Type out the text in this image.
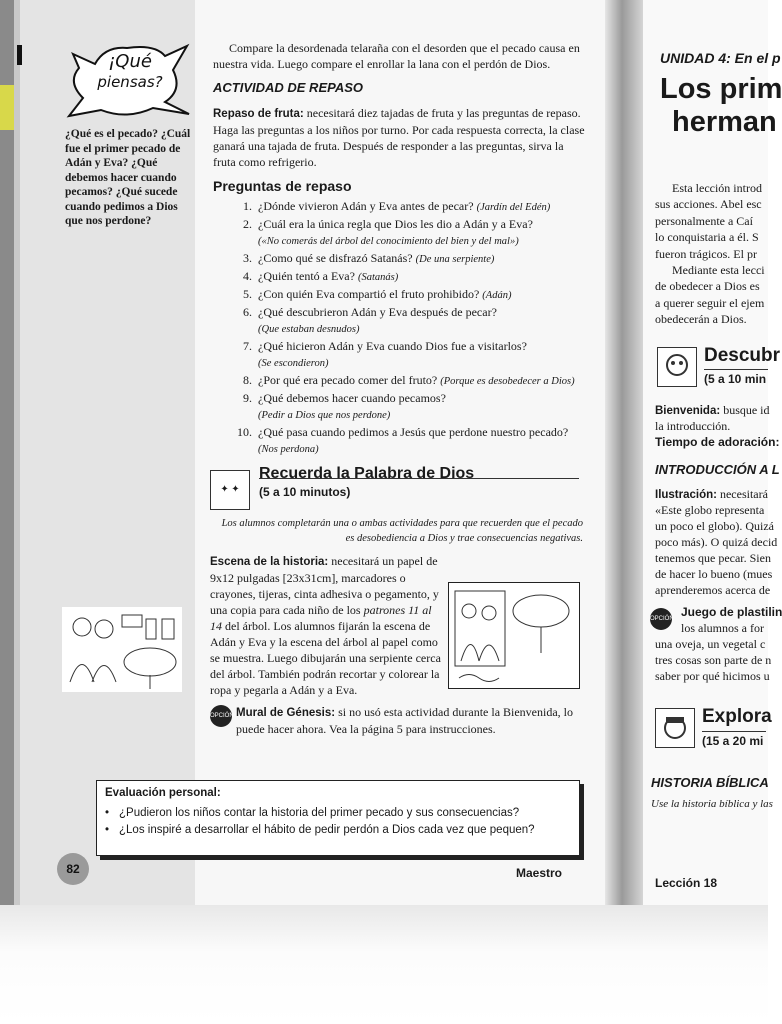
¡Qué
piensas?
¿Qué es el pecado? ¿Cuál fue el primer pecado de Adán y Eva? ¿Qué debemos hacer cuando pecamos? ¿Qué sucede cuando pedimos a Dios que nos perdone?
Compare la desordenada telaraña con el desorden que el pecado causa en nuestra vida. Luego compare el enrollar la lana con el perdón de Dios.
ACTIVIDAD DE REPASO
Repaso de fruta: necesitará diez tajadas de fruta y las preguntas de repaso. Haga las preguntas a los niños por turno. Por cada respuesta correcta, la clase ganará una tajada de fruta. Después de responder a las preguntas, sirva la fruta como refrigerio.
Preguntas de repaso
1. ¿Dónde vivieron Adán y Eva antes de pecar? (Jardín del Edén)
2. ¿Cuál era la única regla que Dios les dio a Adán y a Eva?
(«No comerás del árbol del conocimiento del bien y del mal»)
3. ¿Como qué se disfrazó Satanás? (De una serpiente)
4. ¿Quién tentó a Eva? (Satanás)
5. ¿Con quién Eva compartió el fruto prohibido? (Adán)
6. ¿Qué descubrieron Adán y Eva después de pecar?
(Que estaban desnudos)
7. ¿Qué hicieron Adán y Eva cuando Dios fue a visitarlos?
(Se escondieron)
8. ¿Por qué era pecado comer del fruto? (Porque es desobedecer a Dios)
9. ¿Qué debemos hacer cuando pecamos?
(Pedir a Dios que nos perdone)
10. ¿Qué pasa cuando pedimos a Jesús que perdone nuestro pecado? (Nos perdona)
✦ ✦
Recuerda la Palabra de Dios
(5 a 10 minutos)
Los alumnos completarán una o ambas actividades para que recuerden que el pecado es desobediencia a Dios y trae consecuencias negativas.
Escena de la historia: necesitará un papel de 9x12 pulgadas [23x31cm], marcadores o crayones, tijeras, cinta adhesiva o pegamento, y una copia para cada niño de los patrones 11 al 14 del árbol. Los alumnos fijarán la escena de Adán y Eva y la escena del árbol al papel como se muestra. Luego dibujarán una serpiente cerca del árbol. También podrán recortar y colorear la ropa y pegarla a Adán y a Eva.
OPCIÓN Mural de Génesis: si no usó esta actividad durante la Bienvenida, lo puede hacer ahora. Vea la página 5 para instrucciones.
Evaluación personal:
• ¿Pudieron los niños contar la historia del primer pecado y sus consecuencias?
• ¿Los inspiré a desarrollar el hábito de pedir perdón a Dios cada vez que pequen?
82	Maestro
UNIDAD 4: En el p
Los prim
herman
Esta lección introd
sus acciones. Abel esc
personalmente a Caí
lo conquistaria a él. S
fueron trágicos. El pr
Mediante esta lecci
de obedecer a Dios es
a querer seguir el ejem
obedecerán a Dios.
Descubr
(5 a 10 min
Bienvenida: busque id
la introducción.
Tiempo de adoración:
INTRODUCCIÓN A L
Ilustración: necesitará
«Este globo representa
un poco el globo). Quizá
poco más). O quizá decid
tenemos que pecar. Sien
de hacer lo bueno (mues
aprenderemos acerca de
OPCIÓN Juego de plastilin
los alumnos a for
una oveja, un vegetal c
tres cosas son parte de n
saber por qué hicimos u
Explora
(15 a 20 mi
HISTORIA BÍBLICA
Use la historia bíblica y las
Lección 18
